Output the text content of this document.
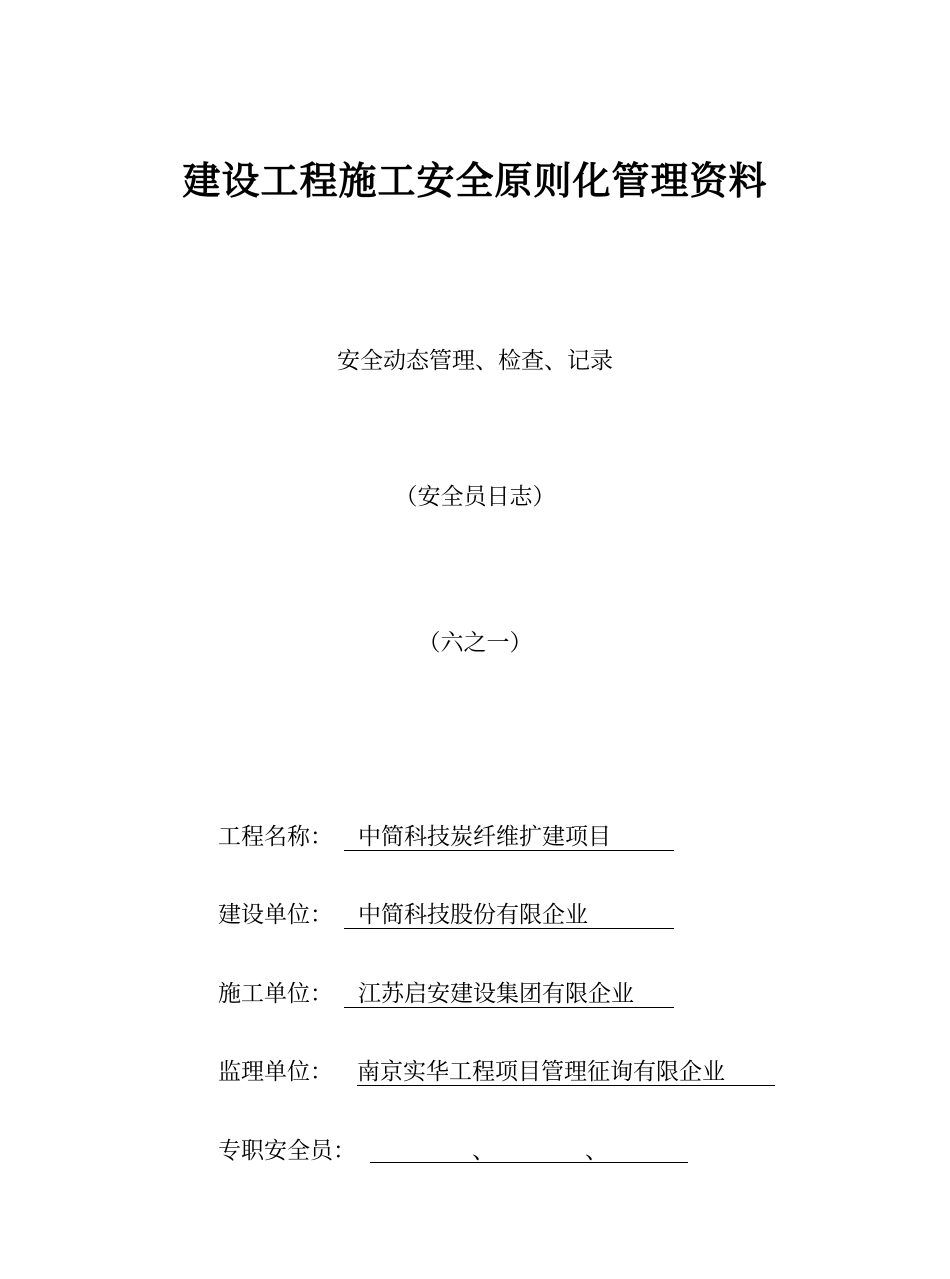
建设工程施工安全原则化管理资料
安全动态管理、检查、记录
（安全员日志）
（六之一）
工程名称：	中简科技炭纤维扩建项目
建设单位：	中简科技股份有限企业
施工单位：	江苏启安建设集团有限企业
监理单位： 南京实华工程项目管理征询有限企业
专职安全员：	、	、
